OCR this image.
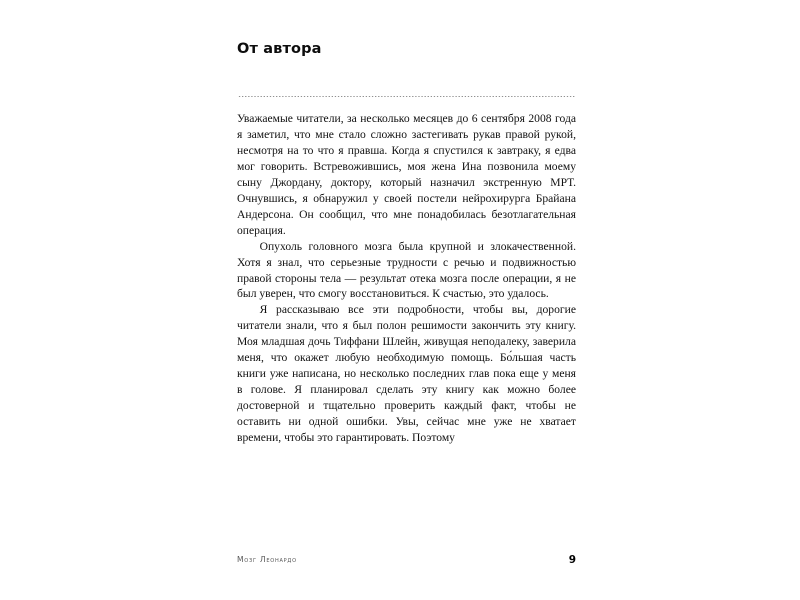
От автора

Уважаемые читатели, за несколько месяцев до 6 сентября 2008 года я заметил, что мне стало сложно застегивать рукав правой рукой, несмотря на то что я правша. Когда я спустился к завтраку, я едва мог говорить. Встревожившись, моя жена Ина позвонила моему сыну Джордану, доктору, который назначил экстренную МРТ. Очнувшись, я обнаружил у своей постели нейрохирурга Брайана Андерсона. Он сообщил, что мне понадобилась безотлагательная операция.

Опухоль головного мозга была крупной и злокачественной. Хотя я знал, что серьезные трудности с речью и подвижностью правой стороны тела — результат отека мозга после операции, я не был уверен, что смогу восстановиться. К счастью, это удалось.

Я рассказываю все эти подробности, чтобы вы, дорогие читатели знали, что я был полон решимости закончить эту книгу. Моя младшая дочь Тиффани Шлейн, живущая неподалеку, заверила меня, что окажет любую необходимую помощь. Бо́льшая часть книги уже написана, но несколько последних глав пока еще у меня в голове. Я планировал сделать эту книгу как можно более достоверной и тщательно проверить каждый факт, чтобы не оставить ни одной ошибки. Увы, сейчас мне уже не хватает времени, чтобы это гарантировать. Поэтому

Мозг Леонардо	9
